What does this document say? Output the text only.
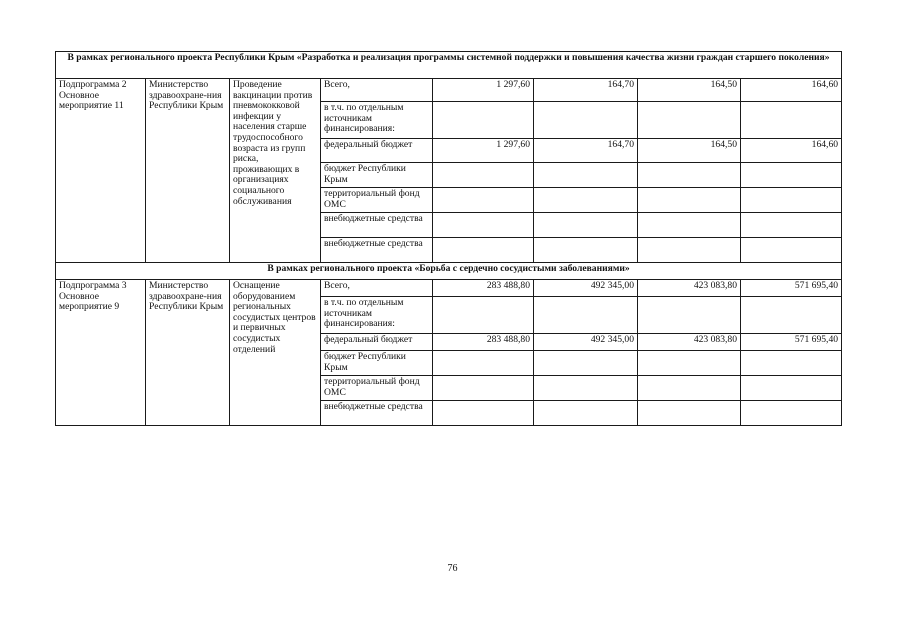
В рамках регионального проекта Республики Крым «Разработка и реализация программы системной поддержки и повышения качества жизни граждан старшего поколения»							
Подпрограмма 2 Основное мероприятие 11	Министерство здравоохране-ния Республики Крым	Проведение вакцинации против пневмококковой инфекции у населения старше трудоспособного возраста из групп риска, проживающих в организациях социального обслуживания	Всего,	1 297,60	164,70	164,50	164,60
			в т.ч. по отдельным источникам финансирования:				
			федеральный бюджет	1 297,60	164,70	164,50	164,60
			бюджет Республики Крым				
			территориальный фонд ОМС				
			внебюджетные средства				
			внебюджетные средства				
В рамках регионального проекта «Борьба с сердечно сосудистыми заболеваниями»							
Подпрограмма 3 Основное мероприятие 9	Министерство здравоохране-ния Республики Крым	Оснащение оборудованием региональных сосудистых центров и первичных сосудистых отделений	Всего,	283 488,80	492 345,00	423 083,80	571 695,40
			в т.ч. по отдельным источникам финансирования:				
			федеральный бюджет	283 488,80	492 345,00	423 083,80	571 695,40
			бюджет Республики Крым				
			территориальный фонд ОМС				
			внебюджетные средства				
76
